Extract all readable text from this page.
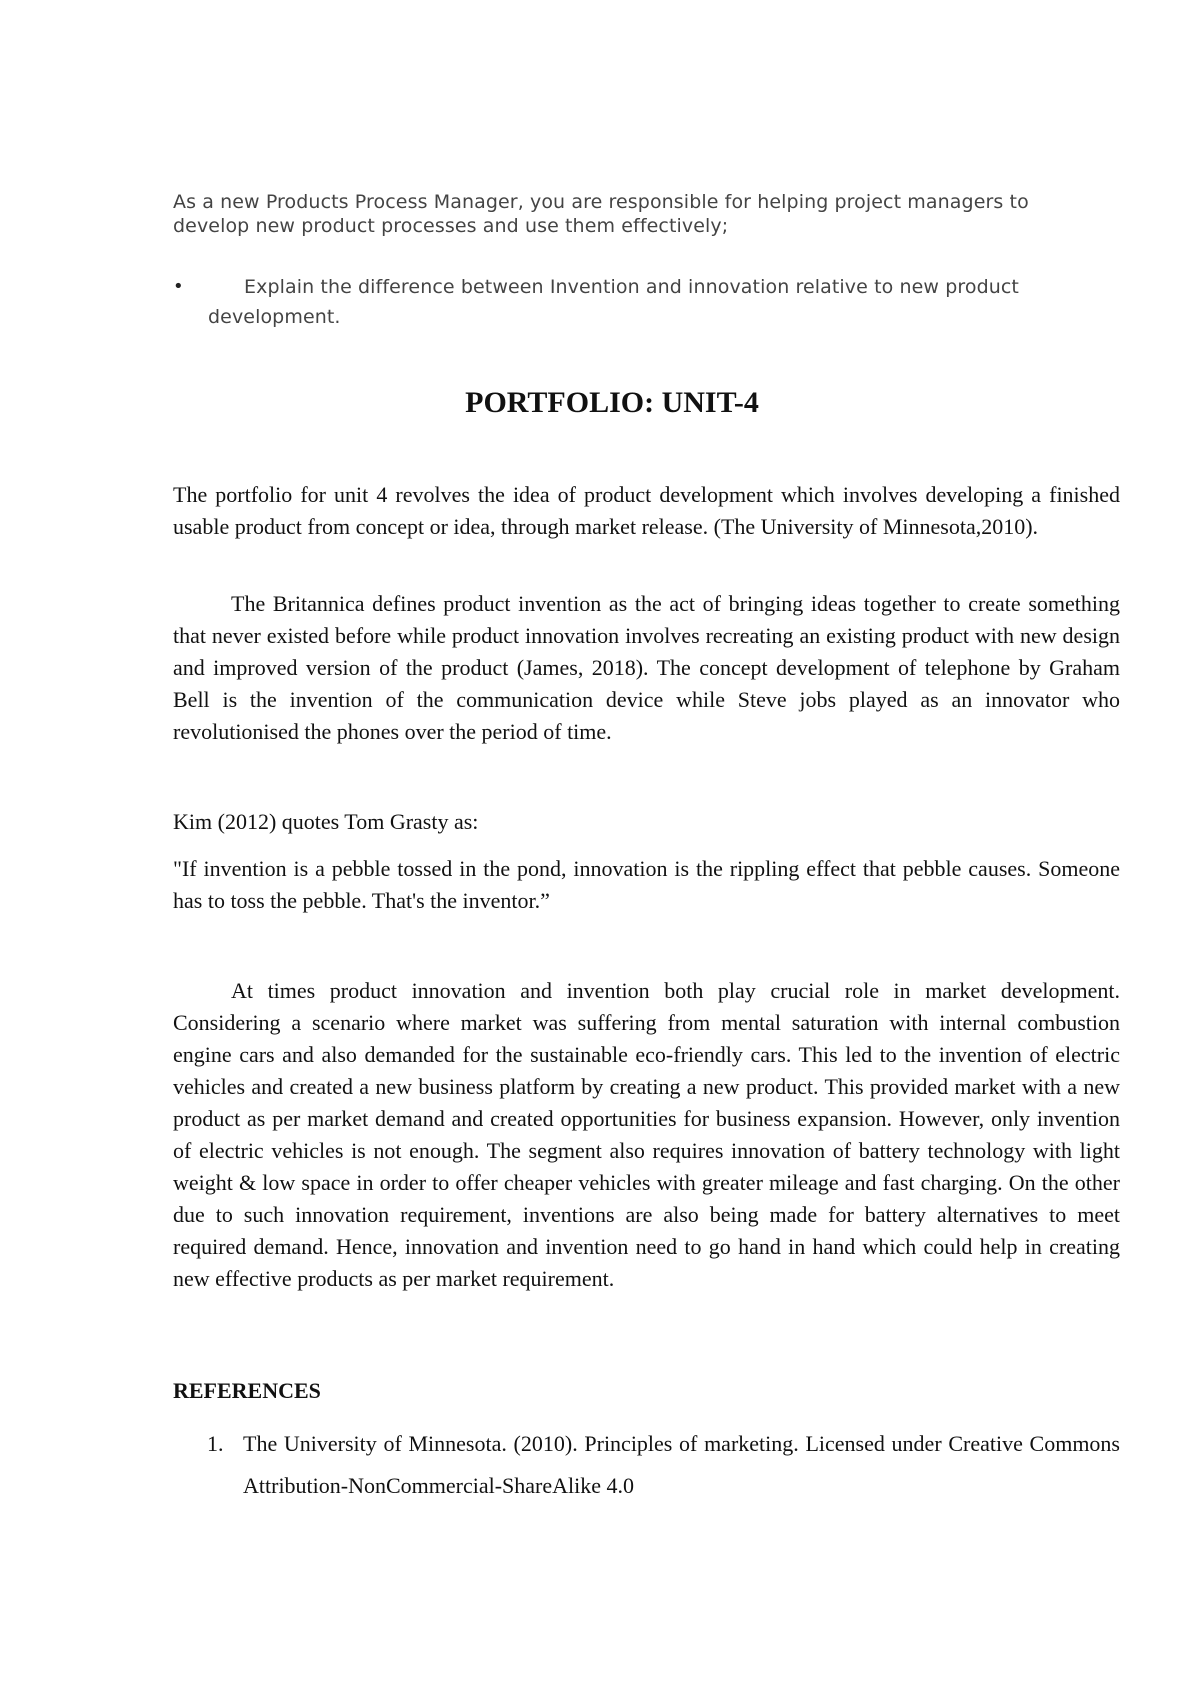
As a new Products Process Manager, you are responsible for helping project managers to develop new product processes and use them effectively;

•	Explain the difference between Invention and innovation relative to new product development.
PORTFOLIO: UNIT-4

The portfolio for unit 4 revolves the idea of product development which involves developing a finished usable product from concept or idea, through market release. (The University of Minnesota,2010).

The Britannica defines product invention as the act of bringing ideas together to create something that never existed before while product innovation involves recreating an existing product with new design and improved version of the product (James, 2018). The concept development of telephone by Graham Bell is the invention of the communication device while Steve jobs played as an innovator who revolutionised the phones over the period of time.

Kim (2012) quotes Tom Grasty as:

"If invention is a pebble tossed in the pond, innovation is the rippling effect that pebble causes. Someone has to toss the pebble. That's the inventor.”

At times product innovation and invention both play crucial role in market development. Considering a scenario where market was suffering from mental saturation with internal combustion engine cars and also demanded for the sustainable eco-friendly cars. This led to the invention of electric vehicles and created a new business platform by creating a new product. This provided market with a new product as per market demand and created opportunities for business expansion. However, only invention of electric vehicles is not enough. The segment also requires innovation of battery technology with light weight & low space in order to offer cheaper vehicles with greater mileage and fast charging. On the other due to such innovation requirement, inventions are also being made for battery alternatives to meet required demand. Hence, innovation and invention need to go hand in hand which could help in creating new effective products as per market requirement.

REFERENCES
1. The University of Minnesota. (2010). Principles of marketing. Licensed under Creative Commons Attribution-NonCommercial-ShareAlike 4.0
